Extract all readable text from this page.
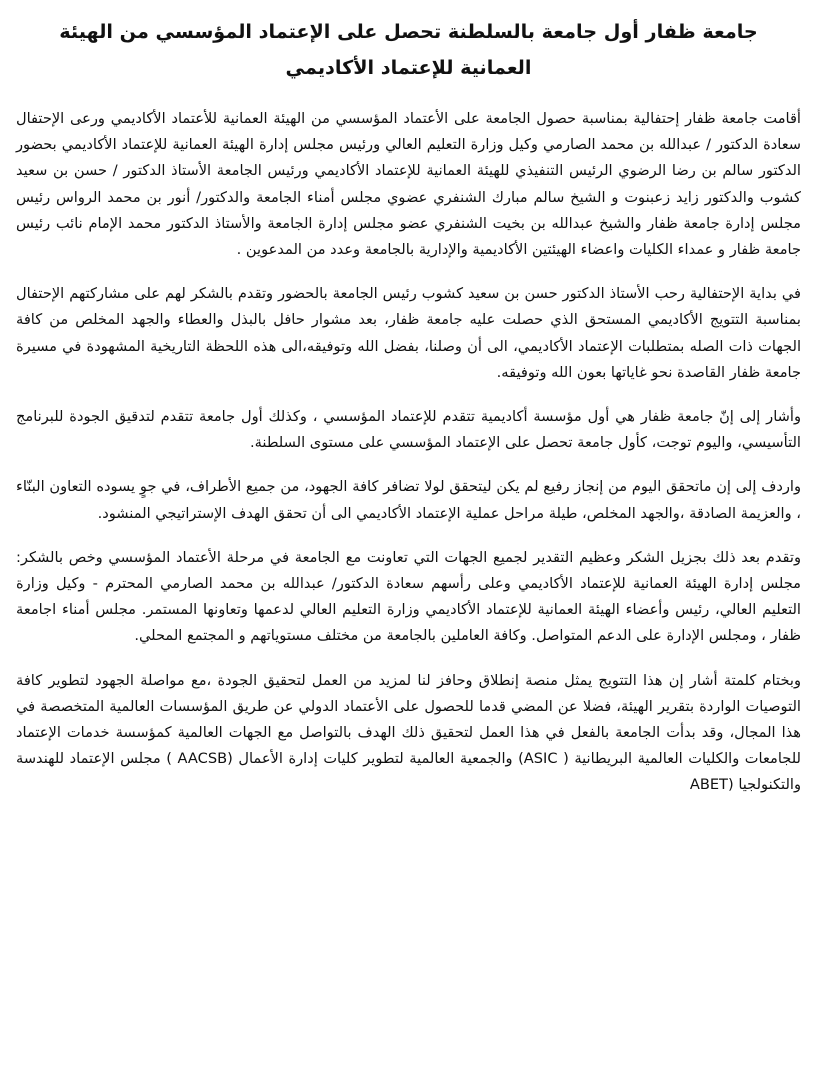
جامعة ظفار أول جامعة بالسلطنة تحصل على الإعتماد المؤسسي من الهيئة العمانية للإعتماد الأكاديمي

أقامت جامعة ظفار إحتفالية بمناسبة حصول الجامعة على الأعتماد المؤسسي من الهيئة العمانية للأعتماد الأكاديمي ورعى الإحتفال سعادة الدكتور / عبدالله بن محمد الصارمي وكيل وزارة التعليم العالي ورئيس مجلس إدارة الهيئة العمانية للإعتماد الأكاديمي بحضور الدكتور سالم بن رضا الرضوي الرئيس التنفيذي للهيئة العمانية للإعتماد الأكاديمي ورئيس الجامعة الأستاذ الدكتور / حسن بن سعيد كشوب والدكتور زايد زعبنوت و الشيخ سالم مبارك الشنفري عضوي مجلس أمناء الجامعة والدكتور/ أنور بن محمد الرواس رئيس مجلس إدارة جامعة ظفار والشيخ عبدالله بن بخيت الشنفري عضو مجلس إدارة الجامعة والأستاذ الدكتور محمد الإمام نائب رئيس جامعة ظفار و عمداء الكليات واعضاء الهيئتين الأكاديمية والإدارية بالجامعة وعدد من المدعوين .

في بداية الإحتفالية رحب الأستاذ الدكتور حسن بن سعيد كشوب رئيس الجامعة بالحضور وتقدم بالشكر لهم على مشاركتهم الإحتفال بمناسبة التتويج الأكاديمي المستحق الذي حصلت عليه جامعة ظفار، بعد مشوار حافل بالبذل والعطاء والجهد المخلص من كافة الجهات ذات الصله بمتطلبات الإعتماد الأكاديمي، الى أن وصلنا، بفضل الله وتوفيقه،الى هذه اللحظة التاريخية المشهودة في مسيرة جامعة ظفار القاصدة نحو غاياتها بعون الله وتوفيقه.

وأشار إلى إنّ جامعة ظفار هي أول مؤسسة أكاديمية تتقدم للإعتماد المؤسسي ، وكذلك أول جامعة تتقدم لتدقيق الجودة للبرنامج التأسيسي، واليوم توجت، كأول جامعة تحصل على الإعتماد المؤسسي على مستوى السلطنة.

واردف إلى إن ماتحقق اليوم من إنجاز رفيع لم يكن ليتحقق لولا تضافر كافة الجهود، من جميع الأطراف، في جوٍ يسوده التعاون البنّاء ، والعزيمة الصادقة ،والجهد المخلص، طيلة مراحل عملية الإعتماد الأكاديمي الى أن تحقق الهدف الإستراتيجي المنشود.

وتقدم بعد ذلك بجزيل الشكر وعظيم التقدير لجميع الجهات التي تعاونت مع الجامعة في مرحلة الأعتماد المؤسسي وخص بالشكر: مجلس إدارة الهيئة العمانية للإعتماد الأكاديمي وعلى رأسهم سعادة الدكتور/ عبدالله بن محمد الصارمي المحترم - وكيل وزارة التعليم العالي، رئيس وأعضاء الهيئة العمانية للإعتماد الأكاديمي وزارة التعليم العالي لدعمها وتعاونها المستمر. مجلس أمناء اجامعة ظفار ، ومجلس الإدارة على الدعم المتواصل. وكافة العاملين بالجامعة من مختلف مستوياتهم و المجتمع المحلي.

وبختام كلمتة أشار إن هذا التتويج يمثل منصة إنطلاق وحافز لنا لمزيد من العمل لتحقيق الجودة ،مع مواصلة الجهود لتطوير كافة التوصيات الواردة بتقرير الهيئة، فضلا عن المضي قدما للحصول على الأعتماد الدولي عن طريق المؤسسات العالمية المتخصصة في هذا المجال، وقد بدأت الجامعة بالفعل في هذا العمل لتحقيق ذلك الهدف بالتواصل مع الجهات العالمية كمؤسسة خدمات الإعتماد للجامعات والكليات العالمية البريطانية ( ASIC) والجمعية العالمية لتطوير كليات إدارة الأعمال (AACSB ) مجلس الإعتماد للهندسة والتكنولجيا (ABET
